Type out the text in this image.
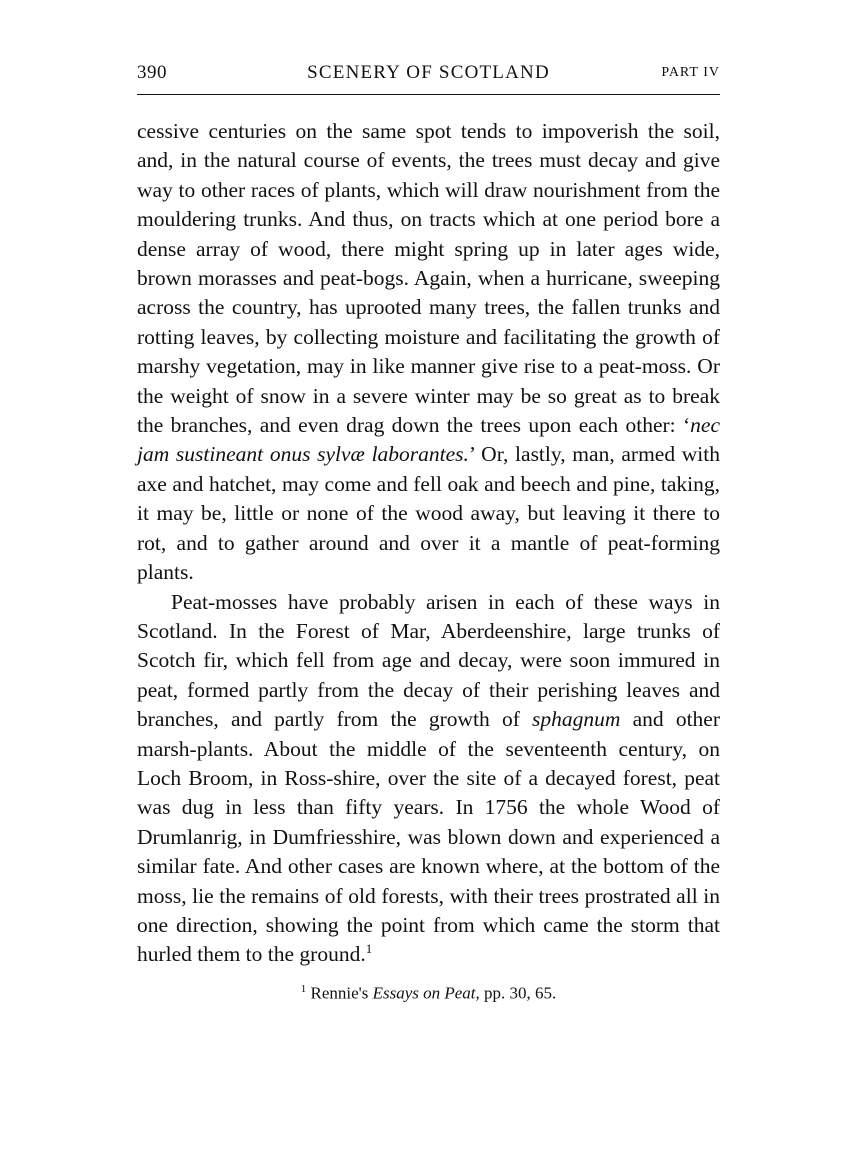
390	SCENERY OF SCOTLAND	PART IV

cessive centuries on the same spot tends to impoverish the soil, and, in the natural course of events, the trees must decay and give way to other races of plants, which will draw nourishment from the mouldering trunks. And thus, on tracts which at one period bore a dense array of wood, there might spring up in later ages wide, brown morasses and peat-bogs. Again, when a hurricane, sweeping across the country, has uprooted many trees, the fallen trunks and rotting leaves, by collecting moisture and facilitating the growth of marshy vegetation, may in like manner give rise to a peat-moss. Or the weight of snow in a severe winter may be so great as to break the branches, and even drag down the trees upon each other: ‘nec jam sustineant onus sylvæ laborantes.’ Or, lastly, man, armed with axe and hatchet, may come and fell oak and beech and pine, taking, it may be, little or none of the wood away, but leaving it there to rot, and to gather around and over it a mantle of peat-forming plants.

Peat-mosses have probably arisen in each of these ways in Scotland. In the Forest of Mar, Aberdeenshire, large trunks of Scotch fir, which fell from age and decay, were soon immured in peat, formed partly from the decay of their perishing leaves and branches, and partly from the growth of sphagnum and other marsh-plants. About the middle of the seventeenth century, on Loch Broom, in Ross-shire, over the site of a decayed forest, peat was dug in less than fifty years. In 1756 the whole Wood of Drumlanrig, in Dumfriesshire, was blown down and experienced a similar fate. And other cases are known where, at the bottom of the moss, lie the remains of old forests, with their trees prostrated all in one direction, showing the point from which came the storm that hurled them to the ground.$^1$

$^1$ Rennie's Essays on Peat, pp. 30, 65.
